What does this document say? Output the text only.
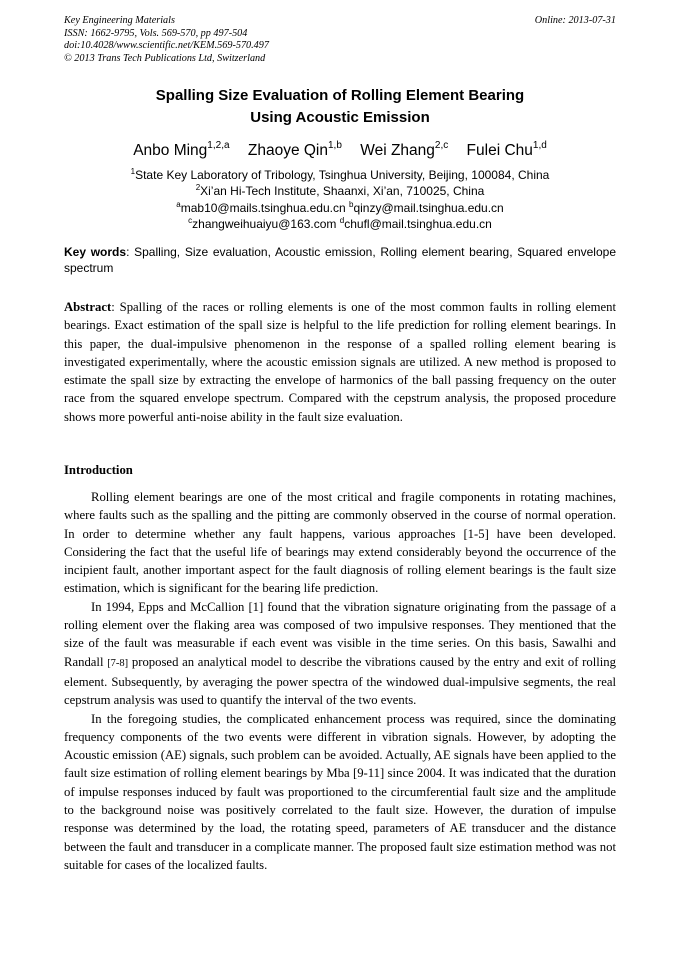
Key Engineering Materials
ISSN: 1662-9795, Vols. 569-570, pp 497-504
doi:10.4028/www.scientific.net/KEM.569-570.497
© 2013 Trans Tech Publications Ltd, Switzerland
Online: 2013-07-31
Spalling Size Evaluation of Rolling Element Bearing
Using Acoustic Emission
Anbo Ming$^{1,2,a}$ Zhaoye Qin$^{1,b}$ Wei Zhang$^{2,c}$ Fulei Chu$^{1,d}$
$^1$State Key Laboratory of Tribology, Tsinghua University, Beijing, 100084, China
$^2$Xi’an Hi-Tech Institute, Shaanxi, Xi’an, 710025, China
$^a$mab10@mails.tsinghua.edu.cn $^b$qinzy@mail.tsinghua.edu.cn
$^c$zhangweihuaiyu@163.com $^d$chufl@mail.tsinghua.edu.cn
Key words: Spalling, Size evaluation, Acoustic emission, Rolling element bearing, Squared envelope spectrum
Abstract: Spalling of the races or rolling elements is one of the most common faults in rolling element bearings. Exact estimation of the spall size is helpful to the life prediction for rolling element bearings. In this paper, the dual-impulsive phenomenon in the response of a spalled rolling element bearing is investigated experimentally, where the acoustic emission signals are utilized. A new method is proposed to estimate the spall size by extracting the envelope of harmonics of the ball passing frequency on the outer race from the squared envelope spectrum. Compared with the cepstrum analysis, the proposed procedure shows more powerful anti-noise ability in the fault size evaluation.
Introduction

Rolling element bearings are one of the most critical and fragile components in rotating machines, where faults such as the spalling and the pitting are commonly observed in the course of normal operation. In order to determine whether any fault happens, various approaches [1-5] have been developed. Considering the fact that the useful life of bearings may extend considerably beyond the occurrence of the incipient fault, another important aspect for the fault diagnosis of rolling element bearings is the fault size estimation, which is significant for the bearing life prediction.

In 1994, Epps and McCallion [1] found that the vibration signature originating from the passage of a rolling element over the flaking area was composed of two impulsive responses. They mentioned that the size of the fault was measurable if each event was visible in the time series. On this basis, Sawalhi and Randall [7-8] proposed an analytical model to describe the vibrations caused by the entry and exit of rolling element. Subsequently, by averaging the power spectra of the windowed dual-impulsive segments, the real cepstrum analysis was used to quantify the interval of the two events.

In the foregoing studies, the complicated enhancement process was required, since the dominating frequency components of the two events were different in vibration signals. However, by adopting the Acoustic emission (AE) signals, such problem can be avoided. Actually, AE signals have been applied to the fault size estimation of rolling element bearings by Mba [9-11] since 2004. It was indicated that the duration of impulse responses induced by fault was proportioned to the circumferential fault size and the amplitude to the background noise was positively correlated to the fault size. However, the duration of impulse response was determined by the load, the rotating speed, parameters of AE transducer and the distance between the fault and transducer in a complicate manner. The proposed fault size estimation method was not suitable for cases of the localized faults.
